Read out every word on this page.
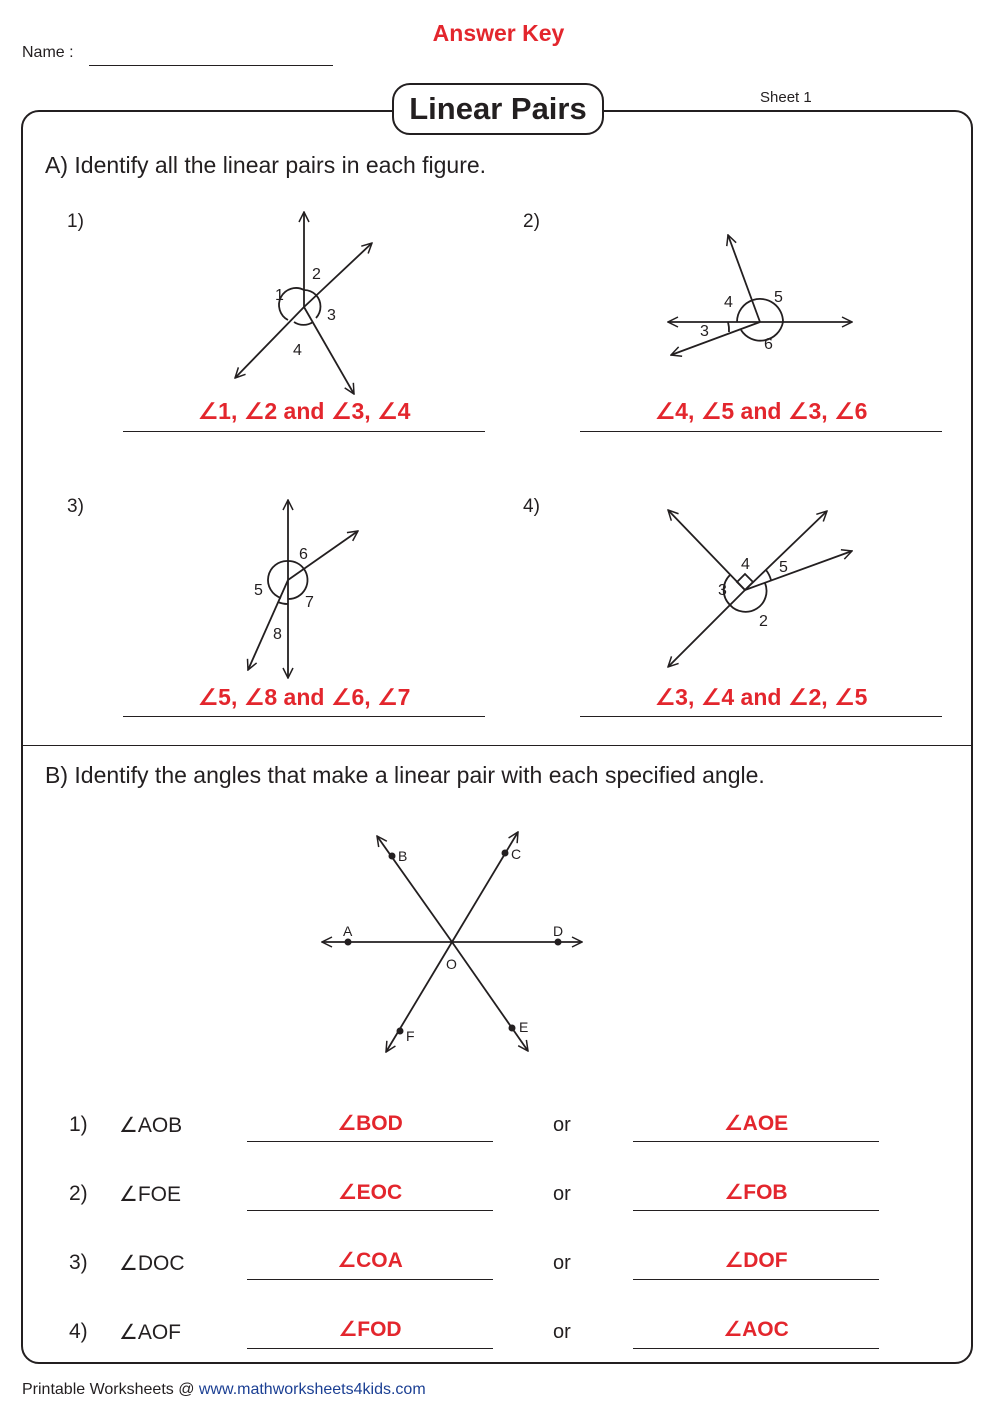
Answer Key
Name :
Sheet 1
Linear Pairs
A) Identify all the linear pairs in each figure.
1)	2)
3)	4)
1
2
3
4
3
4	5
6
5
6
7
8
2
3
4 5
∠1, ∠2 and ∠3, ∠4	∠4, ∠5 and ∠3, ∠6
∠5, ∠8 and ∠6, ∠7	∠3, ∠4 and ∠2, ∠5
B) Identify the angles that make a linear pair with each specified angle.
A
B	C
D
E
F
O
1) ∠AOB	∠BOD	or	∠AOE
2) ∠FOE	∠EOC	or	∠FOB
3) ∠DOC	∠COA	or	∠DOF
4) ∠AOF	∠FOD	or	∠AOC
Printable Worksheets @ www.mathworksheets4kids.com
